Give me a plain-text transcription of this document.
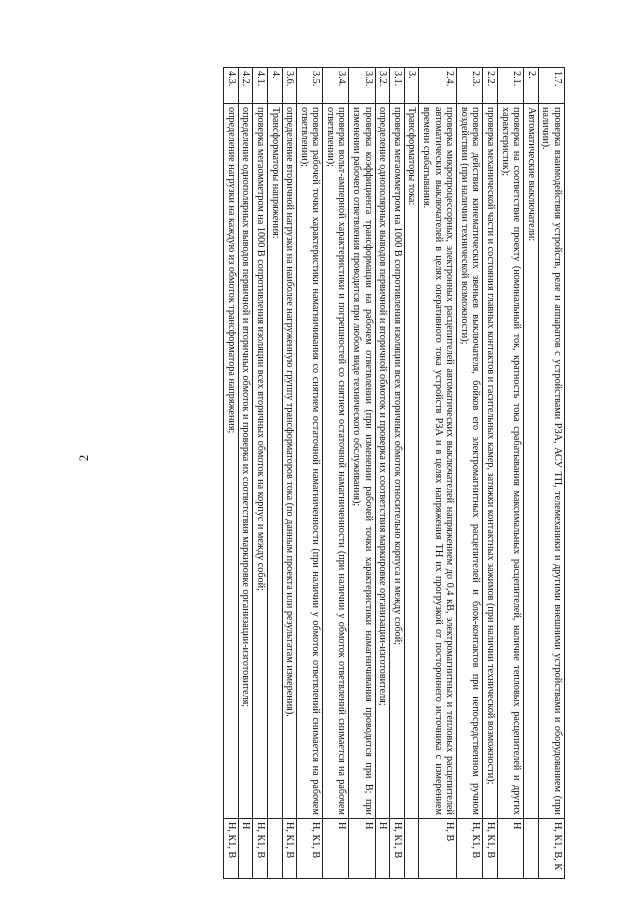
2
1.7.	проверка взаимодействия устройств, реле и аппаратов с устройствами РЗА, АСУ ТП, телемеханики и другими внешними устройствами и оборудованием (при наличии).	Н, К1, В, К
2.	Автоматические выключатели:	
2.1.	проверка на соответствие проекту (номинальный ток, кратность тока срабатывания максимальных расцепителей, наличие тепловых расцепителей и других характеристик);	Н
2.2.	проверка механической части и состояния главных контактов и гасительных камер, затяжки контактных зажимов (при наличии технической возможности);	Н, К1, В
2.3.	проверка действия кинематических звеньев выключателя, бойков его электромагнитных расцепителей и блок-контактов при непосредственном ручном воздействии (при наличии технической возможности);	Н, К1, В
2.4.	проверка микропроцессорных, электронных расцепителей автоматических выключателей напряжением до 0,4 кВ, электромагнитных и тепловых расцепителей автоматических выключателей в целях оперативного тока устройств РЗА и в целях напряжения ТН их прогрузкой от постороннего источника с измерением времени срабатывания.	Н, В
3.	Трансформаторы тока:	
3.1.	проверка мегаомметром на 1000 В сопротивления изоляции всех вторичных обмоток относительно корпуса и между собой;	Н, К1, В
3.2.	определение однополярных выводов первичной и вторичной обмоток и проверка их соответствия маркировке организации-изготовителя;	Н
3.3.	проверка коэффициента трансформации на рабочем ответвлении (при изменении рабочей точки характеристики намагничивания проводится при В; при изменении рабочего ответвления проводится при любом виде технического обслуживания);	Н
3.4.	проверка вольт-амперной характеристики и погрешностей со снятием остаточной намагниченности (при наличии у обмоток ответвлений снимается на рабочем ответвлении);	Н
3.5.	проверка рабочей точки характеристики намагничивания со снятием остаточной намагниченности (при наличии у обмоток ответвлений снимается на рабочем ответвлении);	Н, К1, В
3.6.	определение вторичной нагрузки на наиболее нагруженную группу трансформаторов тока (по данным проекта или результатам измерения).	Н, К1, В
4.	Трансформаторы напряжения:	
4.1.	проверка мегаомметром на 1000 В сопротивления изоляции всех вторичных обмоток на корпус и между собой;	Н, К1, В
4.2.	определение однополярных выводов первичной и вторичных обмоток и проверка их соответствия маркировке организации-изготовителя;	Н
4.3.	определение нагрузки на каждую из обмоток трансформатора напряжения;	Н, К1, В
